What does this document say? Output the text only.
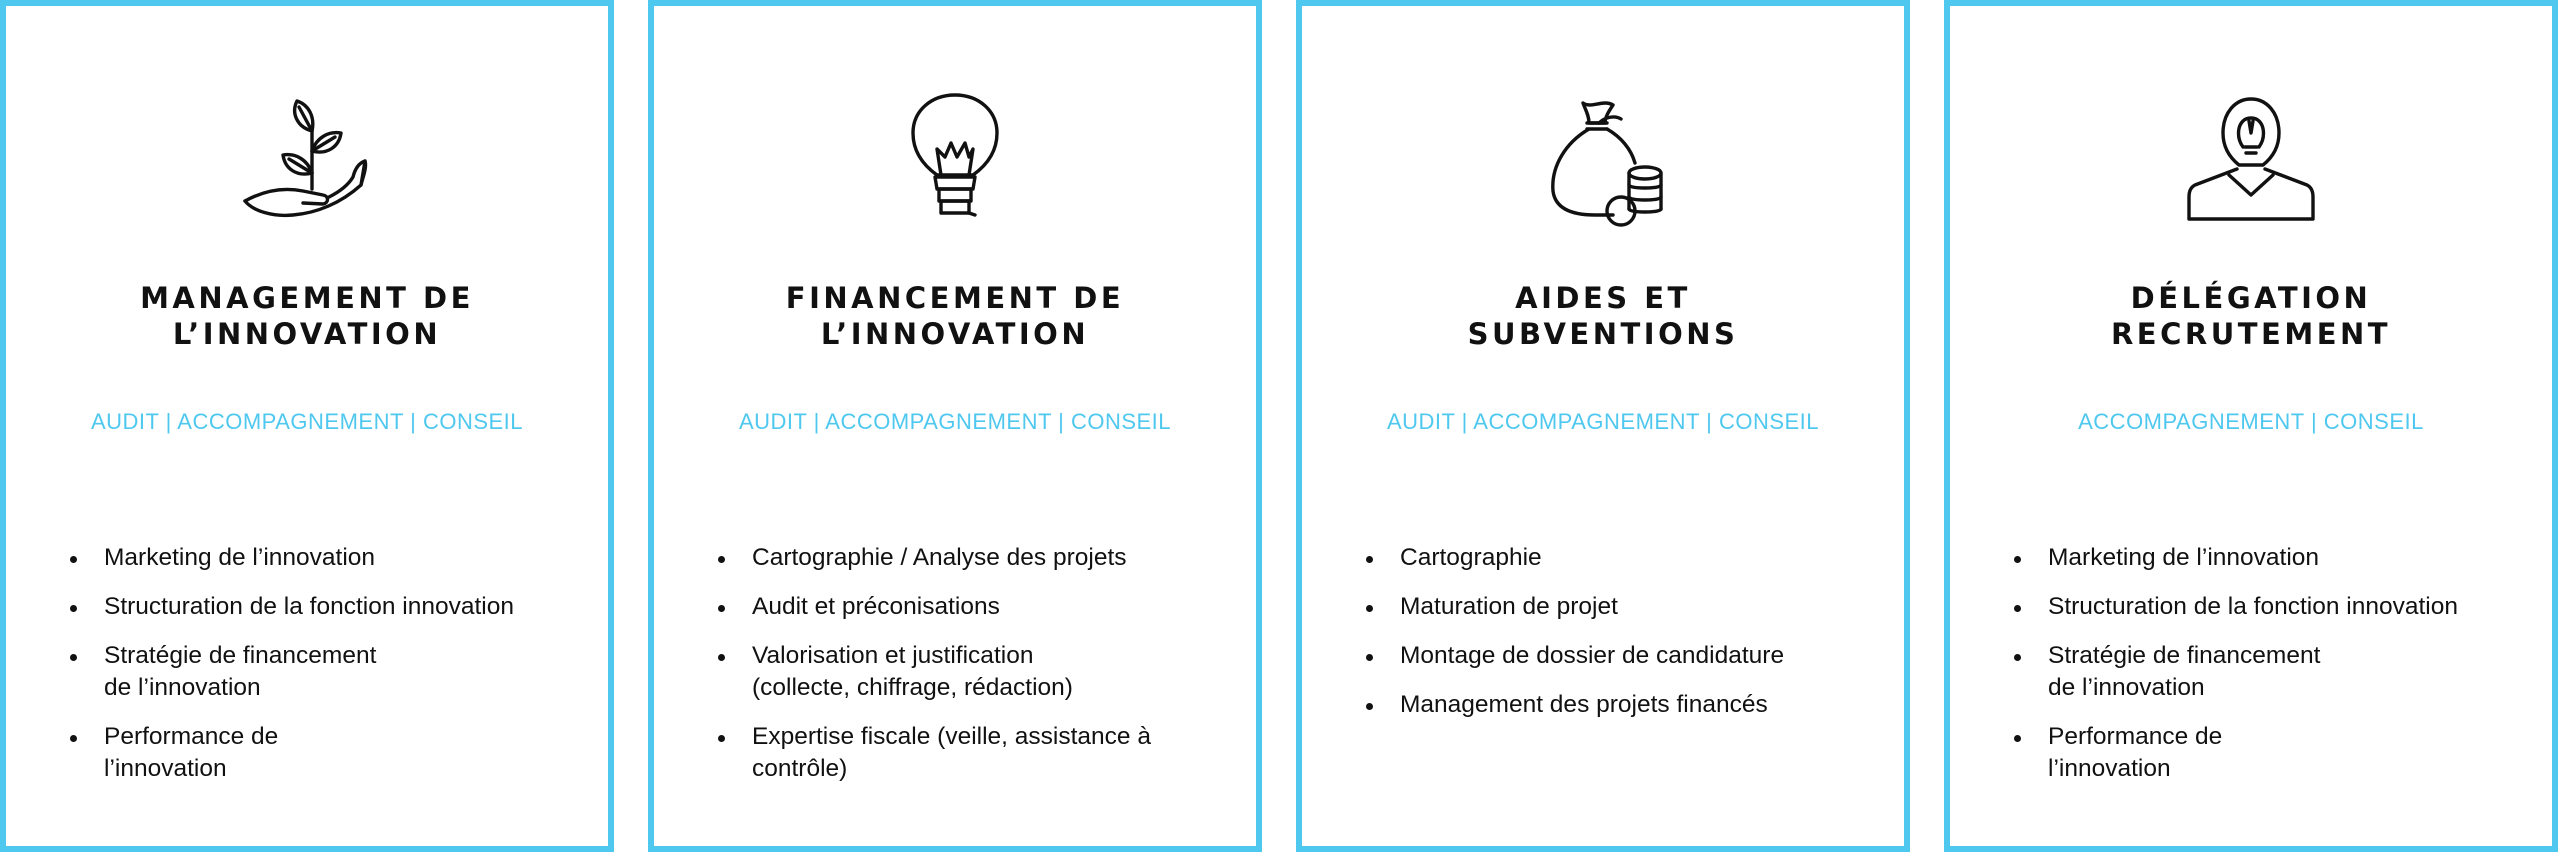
MANAGEMENT DE
L’INNOVATION
AUDIT | ACCOMPAGNEMENT | CONSEIL
Marketing de l’innovation
Structuration de la fonction innovation
Stratégie de financement
de l’innovation
Performance de
l’innovation
FINANCEMENT DE
L’INNOVATION
AUDIT | ACCOMPAGNEMENT | CONSEIL
Cartographie / Analyse des projets
Audit et préconisations
Valorisation et justification
(collecte, chiffrage, rédaction)
Expertise fiscale (veille, assistance à
contrôle)
AIDES ET
SUBVENTIONS
AUDIT | ACCOMPAGNEMENT | CONSEIL
Cartographie
Maturation de projet
Montage de dossier de candidature
Management des projets financés
DÉLÉGATION
RECRUTEMENT
ACCOMPAGNEMENT | CONSEIL
Marketing de l’innovation
Structuration de la fonction innovation
Stratégie de financement
de l’innovation
Performance de
l’innovation
